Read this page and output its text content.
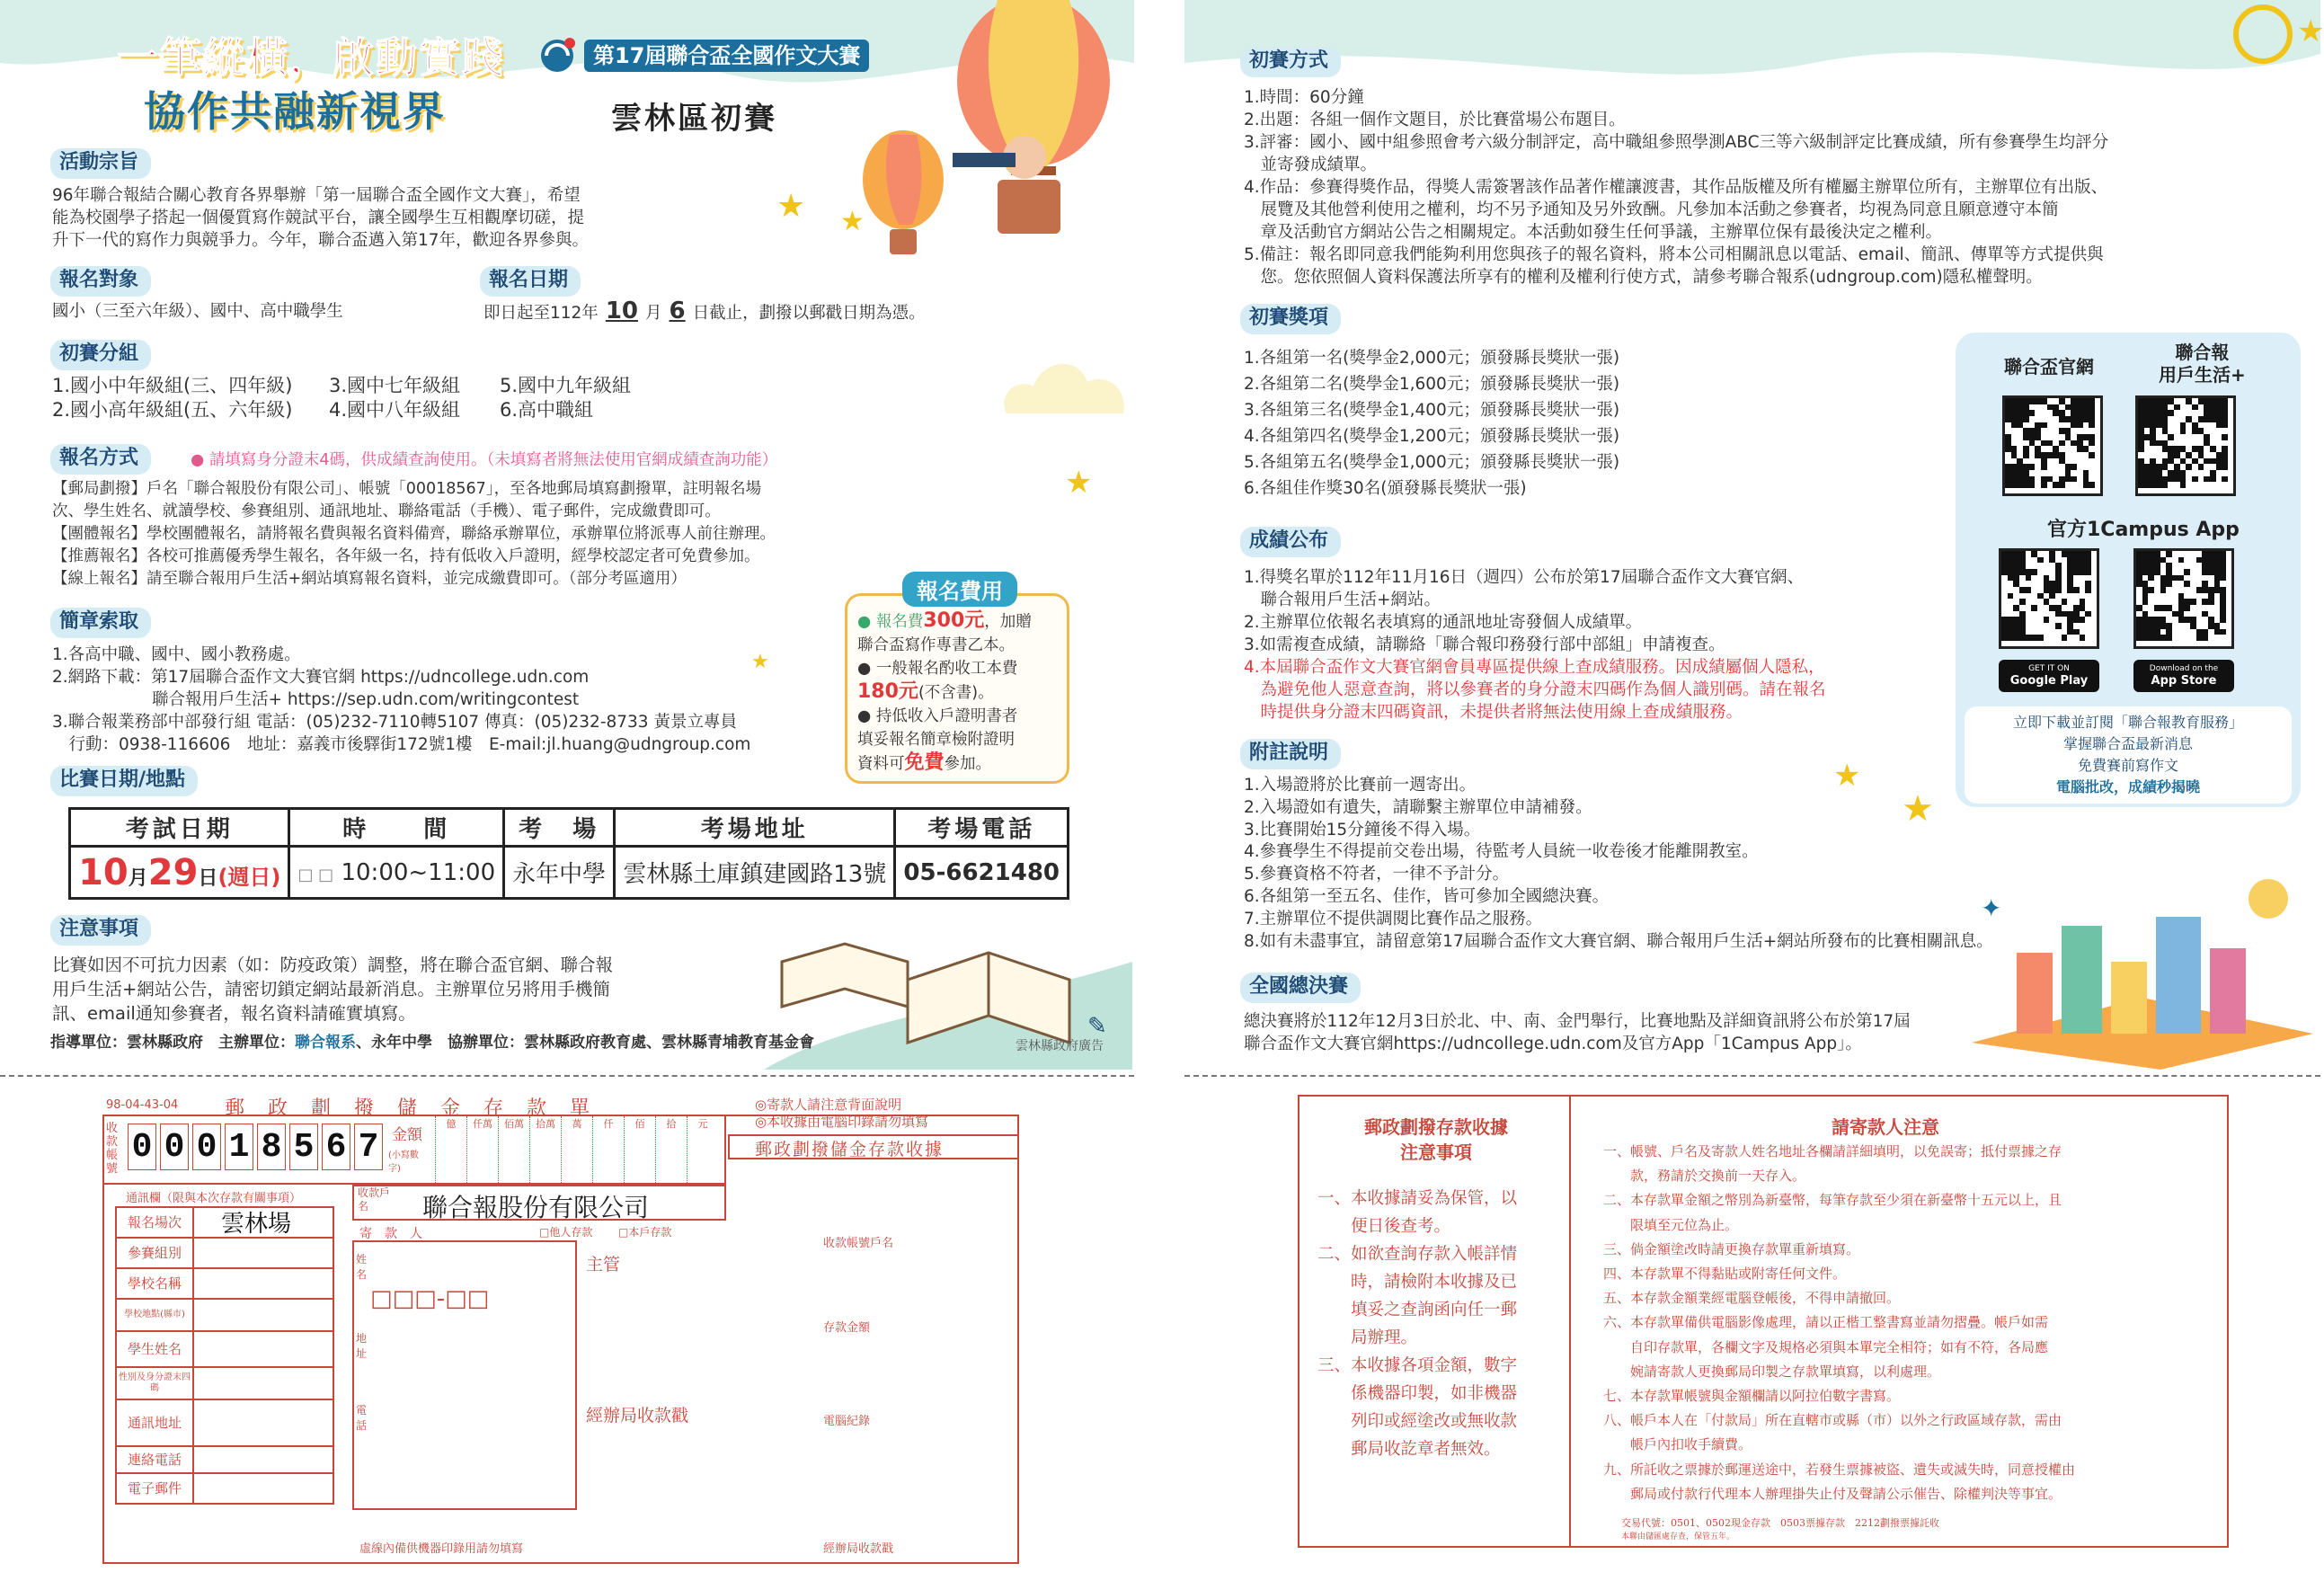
一筆縱橫，啟動實踐
協作共融新視界
第17屆聯合盃全國作文大賽
雲林區初賽
活動宗旨

96年聯合報結合關心教育各界舉辦「第一屆聯合盃全國作文大賽」，希望

能為校園學子搭起一個優質寫作競試平台，讓全國學生互相觀摩切磋，提

升下一代的寫作力與競爭力。今年，聯合盃邁入第17年，歡迎各界參與。

報名對象
國小（三至六年級）、國中、高中職學生
報名日期
即日起至112年 10 月 6 日截止，劃撥以郵戳日期為憑。
初賽分組

1.國小中年級組(三、四年級)

2.國小高年級組(五、六年級)

3.國中七年級組

4.國中八年級組

5.國中九年級組

6.高中職組

報名方式	● 請填寫身分證末4碼，供成績查詢使用。（未填寫者將無法使用官網成績查詢功能）

【郵局劃撥】戶名「聯合報股份有限公司」、帳號「00018567」，至各地郵局填寫劃撥單，註明報名場

次、學生姓名、就讀學校、參賽組別、通訊地址、聯絡電話（手機）、電子郵件，完成繳費即可。

【團體報名】學校團體報名，請將報名費與報名資料備齊，聯絡承辦單位，承辦單位將派專人前往辦理。

【推薦報名】各校可推薦優秀學生報名，各年級一名，持有低收入戶證明，經學校認定者可免費參加。

【線上報名】請至聯合報用戶生活+網站填寫報名資料，並完成繳費即可。（部分考區適用）	報名費用

● 報名費300元，加贈

聯合盃寫作專書乙本。

● 一般報名酌收工本費

180元(不含書)。

● 持低收入戶證明書者

填妥報名簡章檢附證明

資料可免費參加。

簡章索取

1.各高中職、國中、國小教務處。

2.網路下載：第17屆聯合盃作文大賽官網 https://udncollege.udn.com

　　　　　　聯合報用戶生活+ https://sep.udn.com/writingcontest

3.聯合報業務部中部發行組 電話：(05)232-7110轉5107 傳真：(05)232-8733 黃景立專員

　行動：0938-116606　地址：嘉義市後驛街172號1樓　E-mail:jl.huang@udngroup.com

比賽日期/地點
考試日期	時　　間	考　場	考場地址	考場電話
10月29日(週日)	□ □ 10:00~11:00	永年中學	雲林縣土庫鎮建國路13號	05-6621480
注意事項

比賽如因不可抗力因素（如：防疫政策）調整，將在聯合盃官網、聯合報

用戶生活+網站公告，請密切鎖定網站最新消息。主辦單位另將用手機簡

訊、email通知參賽者，報名資料請確實填寫。	✎
指導單位：雲林縣政府　主辦單位：聯合報系、永年中學　協辦單位：雲林縣政府教育處、雲林縣青埔教育基金會	雲林縣政府廣告
★ ★
★
★
98-04-43-04 郵　政　劃　撥　儲　金　存　款　單	◎寄款人請注意背面說明

◎本收據由電腦印錄請勿填寫

收款帳號
0 0 0 1 8 5 6 7 金額
(小寫數字)
億	仟萬	佰萬	拾萬	萬	仟	佰	拾	元
郵政劃撥儲金存款收據
通訊欄（限與本次存款有關事項）
報名場次	雲林場
參賽組別
學校名稱
學校地點(縣市)
學生姓名
性別及身分證末四碼
通訊地址
連絡電話
電子郵件
收款戶名	聯合報股份有限公司
寄　款　人	□他人存款 □本戶存款
姓名
地址
電話
□□□-□□
主管
經辦局收款戳
虛線內備供機器印錄用請勿填寫
收款帳號戶名
存款金額
電腦紀錄
經辦局收款戳
初賽方式

1.時間：60分鐘

2.出題：各組一個作文題目，於比賽當場公布題目。

3.評審：國小、國中組參照會考六級分制評定，高中職組參照學測ABC三等六級制評定比賽成績，所有參賽學生均評分

　並寄發成績單。

4.作品：參賽得獎作品，得獎人需簽署該作品著作權讓渡書，其作品版權及所有權屬主辦單位所有，主辦單位有出版、

　展覽及其他營利使用之權利，均不另予通知及另外致酬。凡參加本活動之參賽者，均視為同意且願意遵守本簡

　章及活動官方網站公告之相關規定。本活動如發生任何爭議，主辦單位保有最後決定之權利。

5.備註：報名即同意我們能夠利用您與孩子的報名資料，將本公司相關訊息以電話、email、簡訊、傳單等方式提供與

　您。您依照個人資料保護法所享有的權利及權利行使方式，請參考聯合報系(udngroup.com)隱私權聲明。

初賽獎項

1.各組第一名(獎學金2,000元；頒發縣長獎狀一張)

2.各組第二名(獎學金1,600元；頒發縣長獎狀一張)

3.各組第三名(獎學金1,400元；頒發縣長獎狀一張)

4.各組第四名(獎學金1,200元；頒發縣長獎狀一張)

5.各組第五名(獎學金1,000元；頒發縣長獎狀一張)

6.各組佳作獎30名(頒發縣長獎狀一張)

成績公布

1.得獎名單於112年11月16日（週四）公布於第17屆聯合盃作文大賽官網、

　聯合報用戶生活+網站。

2.主辦單位依報名表填寫的通訊地址寄發個人成績單。

3.如需複查成績，請聯絡「聯合報印務發行部中部組」申請複查。

4.本屆聯合盃作文大賽官網會員專區提供線上查成績服務。因成績屬個人隱私，

　為避免他人惡意查詢，將以參賽者的身分證末四碼作為個人識別碼。請在報名

　時提供身分證末四碼資訊，未提供者將無法使用線上查成績服務。

附註說明

1.入場證將於比賽前一週寄出。

2.入場證如有遺失，請聯繫主辦單位申請補發。

3.比賽開始15分鐘後不得入場。

4.參賽學生不得提前交卷出場，待監考人員統一收卷後才能離開教室。

5.參賽資格不符者，一律不予計分。

6.各組第一至五名、佳作，皆可參加全國總決賽。

7.主辦單位不提供調閱比賽作品之服務。

8.如有未盡事宜，請留意第17屆聯合盃作文大賽官網、聯合報用戶生活+網站所發布的比賽相關訊息。

全國總決賽

總決賽將於112年12月3日於北、中、南、金門舉行，比賽地點及詳細資訊將公布於第17屆

聯合盃作文大賽官網https://udncollege.udn.com及官方App「1Campus App」。

聯合盃官網

聯合報

用戶生活+

官方1Campus App
GET IT ON
Google Play
Download on the
App Store

立即下載並訂閱「聯合報教育服務」

掌握聯合盃最新消息

免費賽前寫作文

電腦批改，成績秒揭曉

★
★
★
✦

郵政劃撥存款收據

注意事項

一、本收據請妥為保管，以

　　便日後查考。

二、如欲查詢存款入帳詳情

　　時，請檢附本收據及已

　　填妥之查詢函向任一郵

　　局辦理。

三、本收據各項金額，數字

　　係機器印製，如非機器

　　列印或經塗改或無收款

　　郵局收訖章者無效。

請寄款人注意

一、帳號、戶名及寄款人姓名地址各欄請詳細填明，以免誤寄；抵付票據之存

　　款，務請於交換前一天存入。

二、本存款單金額之幣別為新臺幣，每筆存款至少須在新臺幣十五元以上，且

　　限填至元位為止。

三、倘金額塗改時請更換存款單重新填寫。

四、本存款單不得黏貼或附寄任何文件。

五、本存款金額業經電腦登帳後，不得申請撤回。

六、本存款單備供電腦影像處理，請以正楷工整書寫並請勿摺疊。帳戶如需

　　自印存款單，各欄文字及規格必須與本單完全相符；如有不符，各局應

　　婉請寄款人更換郵局印製之存款單填寫，以利處理。

七、本存款單帳號與金額欄請以阿拉伯數字書寫。

八、帳戶本人在「付款局」所在直轄市或縣（市）以外之行政區域存款，需由

　　帳戶內扣收手續費。

九、所託收之票據於郵運送途中，若發生票據被盜、遺失或滅失時，同意授權由

　　郵局或付款行代理本人辦理掛失止付及聲請公示催告、除權判決等事宜。

交易代號：0501、0502現金存款　0503票據存款　2212劃撥票據託收
本聯由儲匯處存查，保管五年。
